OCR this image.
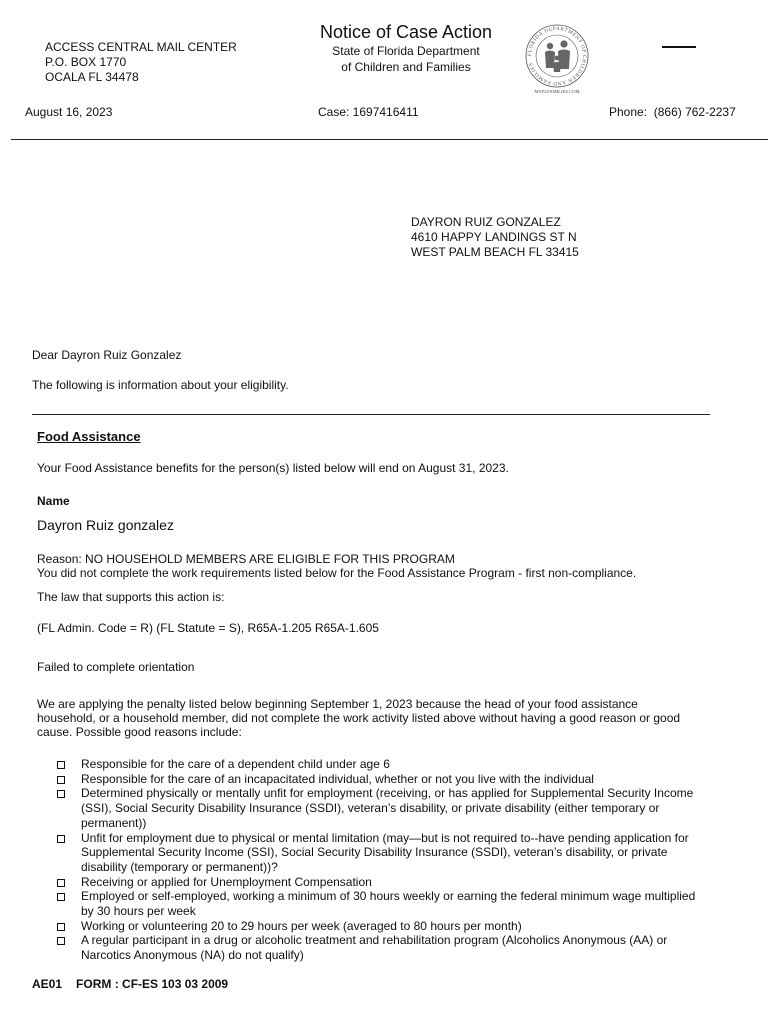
ACCESS CENTRAL MAIL CENTER
P.O. BOX 1770
OCALA FL 34478
Notice of Case Action
State of Florida Department
of Children and Families
FLORIDA DEPARTMENT OF CHILDREN AND FAMILIES
MYFLFAMILIES.COM
August 16, 2023	Case: 1697416411	Phone: (866) 762-2237
DAYRON RUIZ GONZALEZ
4610 HAPPY LANDINGS ST N
WEST PALM BEACH FL 33415
Dear Dayron Ruiz Gonzalez
The following is information about your eligibility.
Food Assistance
Your Food Assistance benefits for the person(s) listed below will end on August 31, 2023.
Name
Dayron Ruiz gonzalez
Reason: NO HOUSEHOLD MEMBERS ARE ELIGIBLE FOR THIS PROGRAM
You did not complete the work requirements listed below for the Food Assistance Program - first non-compliance.
The law that supports this action is:
(FL Admin. Code = R) (FL Statute = S), R65A-1.205 R65A-1.605
Failed to complete orientation
We are applying the penalty listed below beginning September 1, 2023 because the head of your food assistance household, or a household member, did not complete the work activity listed above without having a good reason or good cause. Possible good reasons include:
Responsible for the care of a dependent child under age 6
Responsible for the care of an incapacitated individual, whether or not you live with the individual
Determined physically or mentally unfit for employment (receiving, or has applied for Supplemental Security Income (SSI), Social Security Disability Insurance (SSDI), veteran’s disability, or private disability (either temporary or permanent))
Unfit for employment due to physical or mental limitation (may—but is not required to--have pending application for Supplemental Security Income (SSI), Social Security Disability Insurance (SSDI), veteran’s disability, or private disability (temporary or permanent))?
Receiving or applied for Unemployment Compensation
Employed or self-employed, working a minimum of 30 hours weekly or earning the federal minimum wage multiplied by 30 hours per week
Working or volunteering 20 to 29 hours per week (averaged to 80 hours per month)
A regular participant in a drug or alcoholic treatment and rehabilitation program (Alcoholics Anonymous (AA) or Narcotics Anonymous (NA) do not qualify)
AE01 FORM : CF-ES 103 03 2009
